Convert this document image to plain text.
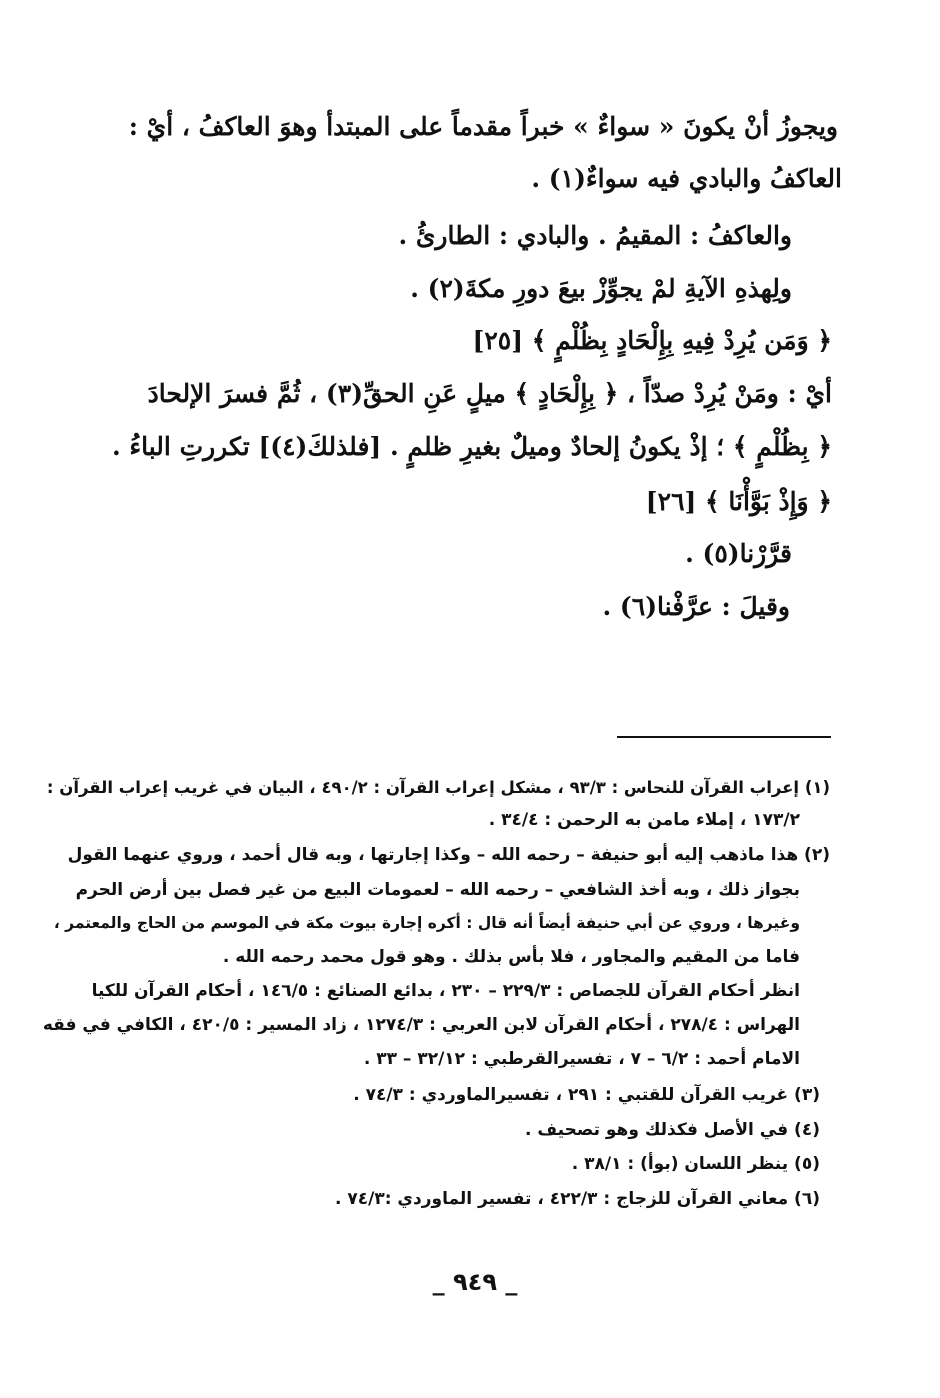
ويجوزُ أنْ يكونَ « سواءٌ » خبراً مقدماً على المبتدأ وهوَ العاكفُ ، أيْ :
العاكفُ والبادي فيه سواءٌ(١) .
والعاكفُ : المقيمُ . والبادي : الطارئُ .
ولِهذهِ الآيةِ لمْ يجوِّزْ بيعَ دورِ مكةَ(٢) .
﴿ وَمَن يُرِدْ فِيهِ بِإِلْحَادٍ بِظُلْمٍ ﴾ [٢٥]
أيْ : ومَنْ يُرِدْ صدّاً ، ﴿ بِإِلْحَادٍ ﴾ ميلٍ عَنِ الحقِّ(٣) ، ثُمَّ فسرَ الإلحادَ
﴿ بِظُلْمٍ ﴾ ؛ إذْ يكونُ إلحادٌ وميلٌ بغيرِ ظلمٍ . [فلذلكَ(٤)] تكررتِ الباءُ .
﴿ وَإِذْ بَوَّأْنَا ﴾ [٢٦]
قرَّرْنا(٥) .
وقيلَ : عرَّفْنا(٦) .
(١) إعراب القرآن للنحاس : ٩٣/٣ ، مشكل إعراب القرآن : ٤٩٠/٢ ، البيان في غريب إعراب القرآن :
١٧٣/٢ ، إملاء مامن به الرحمن : ٣٤/٤ .
(٢) هذا ماذهب إليه أبو حنيفة – رحمه الله – وكذا إجارتها ، وبه قال أحمد ، وروي عنهما القول
بجواز ذلك ، وبه أخذ الشافعي – رحمه الله – لعمومات البيع من غير فصل بين أرض الحرم
وغيرها ، وروي عن أبي حنيفة أيضاً أنه قال : أكره إجارة بيوت مكة في الموسم من الحاج والمعتمر ،
فاما من المقيم والمجاور ، فلا بأس بذلك . وهو قول محمد رحمه الله .
انظر أحكام القرآن للجصاص : ٢٢٩/٣ – ٢٣٠ ، بدائع الصنائع : ١٤٦/٥ ، أحكام القرآن للكيا
الهراس : ٢٧٨/٤ ، أحكام القرآن لابن العربي : ١٢٧٤/٣ ، زاد المسير : ٤٢٠/٥ ، الكافي في فقه
الامام أحمد : ٦/٢ – ٧ ، تفسيرالقرطبي : ٣٢/١٢ – ٣٣ .
(٣) غريب القرآن للقتبي : ٢٩١ ، تفسيرالماوردي : ٧٤/٣ .
(٤) في الأصل فكذلك وهو تصحيف .
(٥) ينظر اللسان (بوأ) : ٣٨/١ .
(٦) معاني القرآن للزجاج : ٤٢٢/٣ ، تفسير الماوردي :٧٤/٣ .
_ ٩٤٩ _
